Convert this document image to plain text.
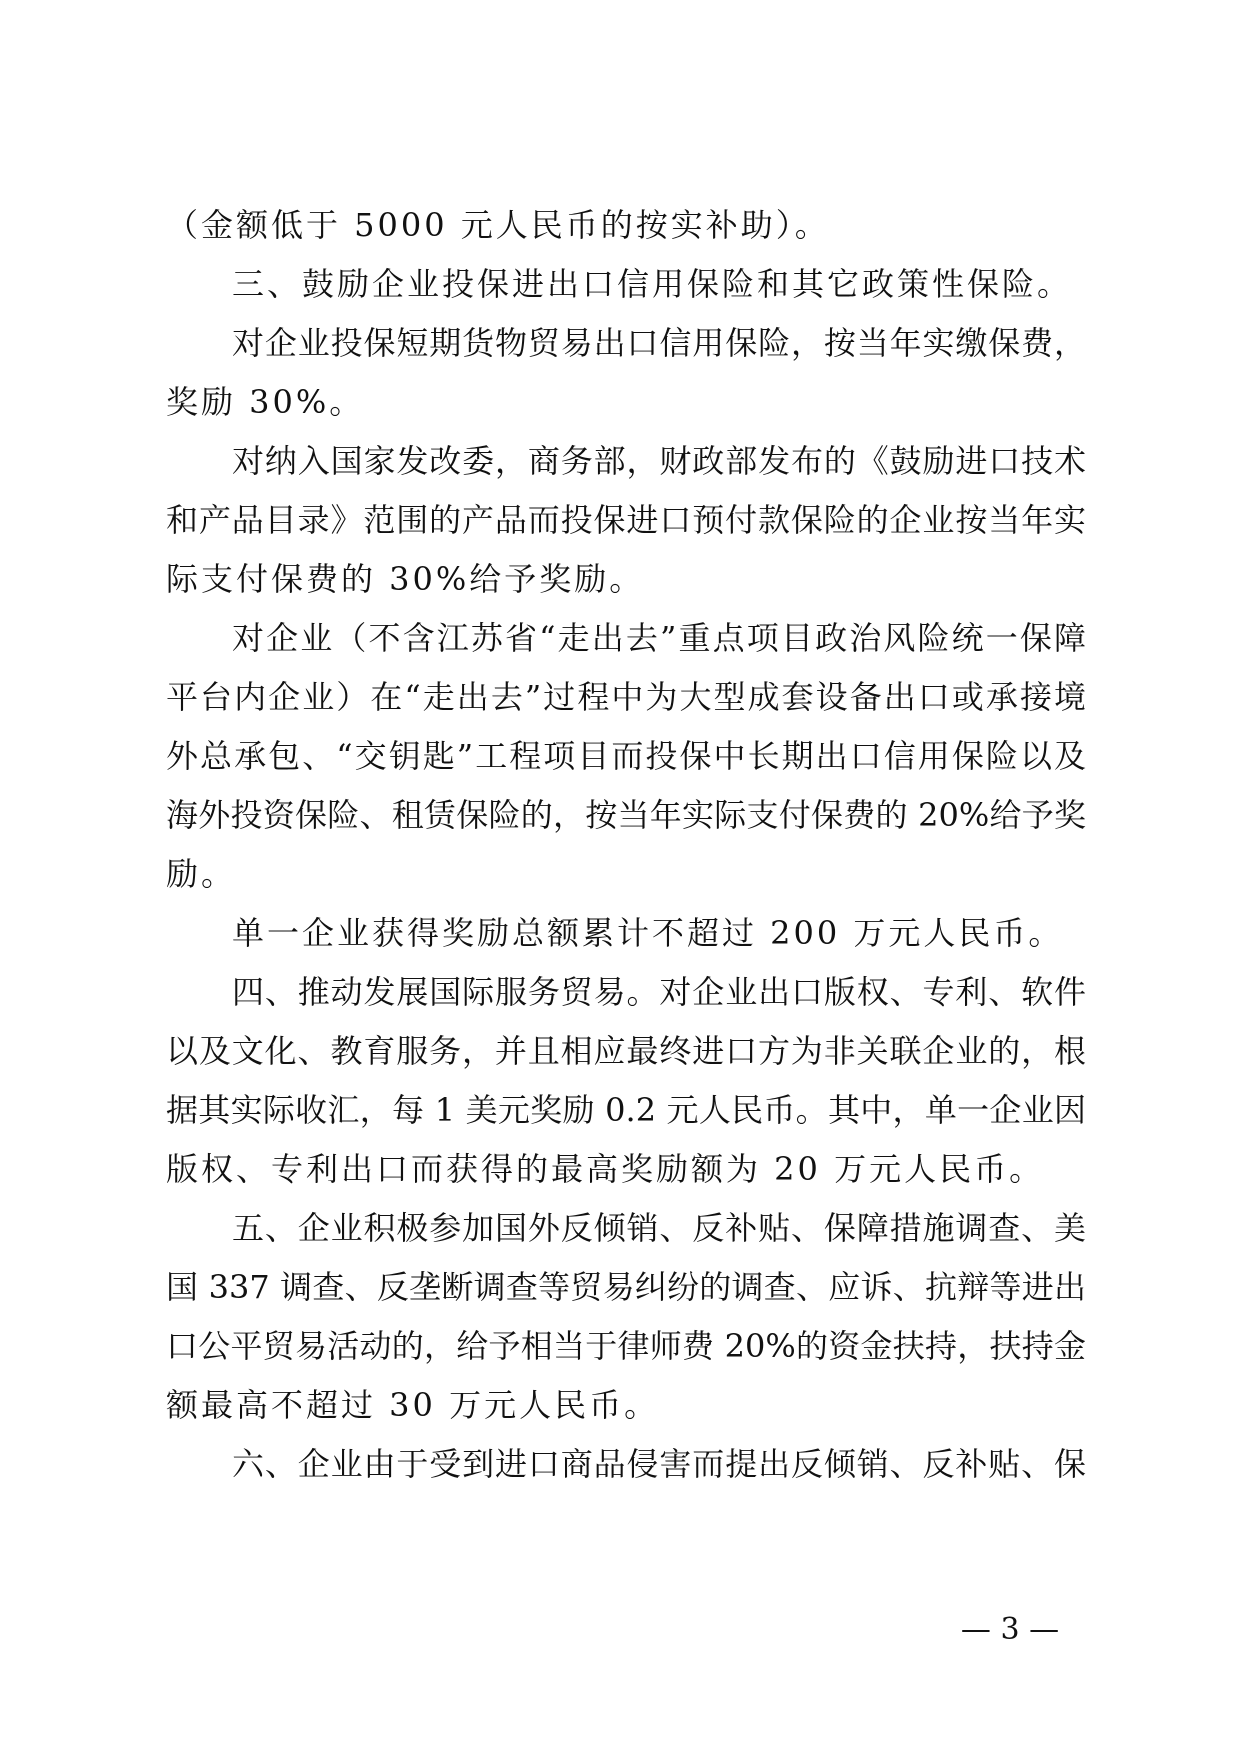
（金额低于 5000 元人民币的按实补助）。
三、鼓励企业投保进出口信用保险和其它政策性保险。
对企业投保短期货物贸易出口信用保险，按当年实缴保费，
奖励 30%。
对纳入国家发改委，商务部，财政部发布的《鼓励进口技术
和产品目录》范围的产品而投保进口预付款保险的企业按当年实
际支付保费的 30%给予奖励。
对企业（不含江苏省“走出去”重点项目政治风险统一保障
平台内企业）在“走出去”过程中为大型成套设备出口或承接境
外总承包、“交钥匙”工程项目而投保中长期出口信用保险以及
海外投资保险、租赁保险的，按当年实际支付保费的 20%给予奖
励。
单一企业获得奖励总额累计不超过 200 万元人民币。
四、推动发展国际服务贸易。对企业出口版权、专利、软件
以及文化、教育服务，并且相应最终进口方为非关联企业的，根
据其实际收汇，每 1 美元奖励 0.2 元人民币。其中，单一企业因
版权、专利出口而获得的最高奖励额为 20 万元人民币。
五、企业积极参加国外反倾销、反补贴、保障措施调查、美
国 337 调查、反垄断调查等贸易纠纷的调查、应诉、抗辩等进出
口公平贸易活动的，给予相当于律师费 20%的资金扶持，扶持金
额最高不超过 30 万元人民币。
六、企业由于受到进口商品侵害而提出反倾销、反补贴、保
— 3 —
